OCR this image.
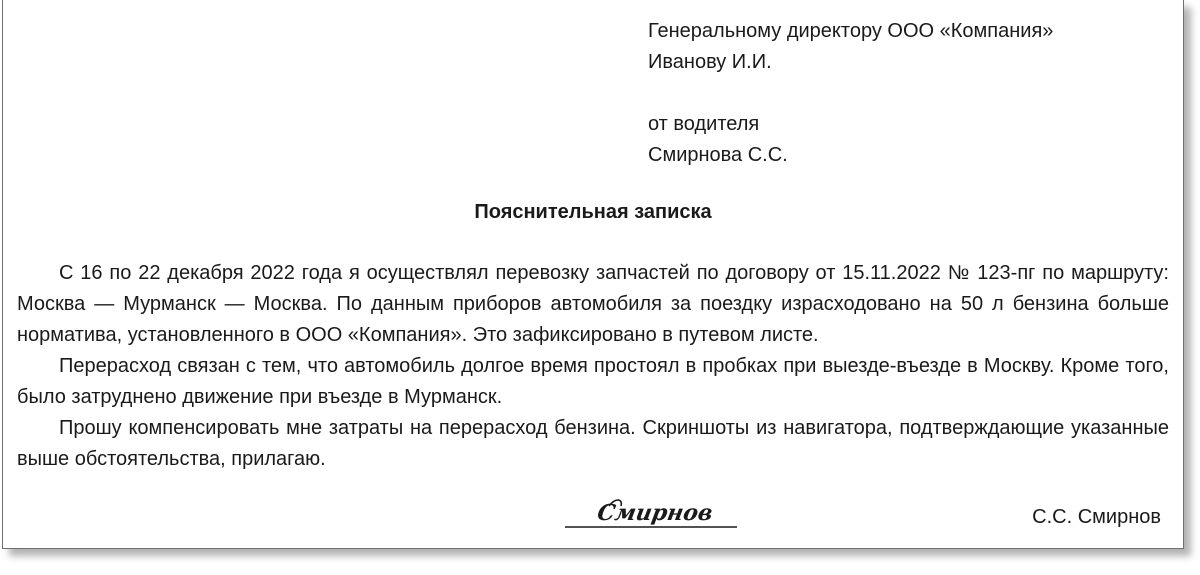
Генеральному директору ООО «Компания»
Иванову И.И.
от водителя
Смирнова С.С.
Пояснительная записка

С 16 по 22 декабря 2022 года я осуществлял перевозку запчастей по договору от 15.11.2022 № 123-пг по маршруту: Москва — Мурманск — Москва. По данным приборов автомобиля за поездку израсходовано на 50 л бензина больше норматива, установленного в ООО «Компания». Это зафиксировано в путевом листе.

Перерасход связан с тем, что автомобиль долгое время простоял в пробках при выезде-въезде в Москву. Кроме того, было затруднено движение при въезде в Мурманск.

Прошу компенсировать мне затраты на перерасход бензина. Скриншоты из навигатора, подтверждающие указанные выше обстоятельства, прилагаю.

Смирнов	С.С. Смирнов
